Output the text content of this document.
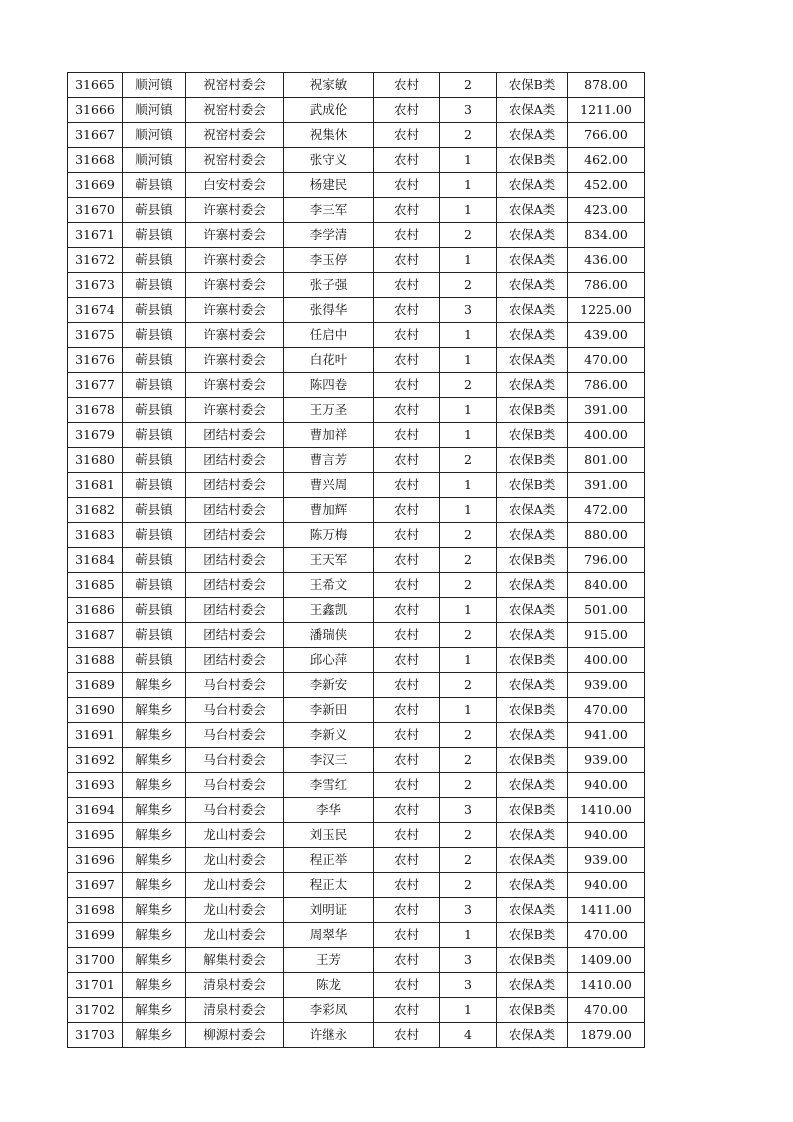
31665	顺河镇	祝窑村委会	祝家敏	农村	2	农保B类	878.00
31666	顺河镇	祝窑村委会	武成伦	农村	3	农保A类	1211.00
31667	顺河镇	祝窑村委会	祝集休	农村	2	农保A类	766.00
31668	顺河镇	祝窑村委会	张守义	农村	1	农保B类	462.00
31669	蕲县镇	白安村委会	杨建民	农村	1	农保A类	452.00
31670	蕲县镇	许寨村委会	李三军	农村	1	农保A类	423.00
31671	蕲县镇	许寨村委会	李学清	农村	2	农保A类	834.00
31672	蕲县镇	许寨村委会	李玉停	农村	1	农保A类	436.00
31673	蕲县镇	许寨村委会	张子强	农村	2	农保A类	786.00
31674	蕲县镇	许寨村委会	张得华	农村	3	农保A类	1225.00
31675	蕲县镇	许寨村委会	任启中	农村	1	农保A类	439.00
31676	蕲县镇	许寨村委会	白花叶	农村	1	农保A类	470.00
31677	蕲县镇	许寨村委会	陈四卷	农村	2	农保A类	786.00
31678	蕲县镇	许寨村委会	王万圣	农村	1	农保B类	391.00
31679	蕲县镇	团结村委会	曹加祥	农村	1	农保B类	400.00
31680	蕲县镇	团结村委会	曹言芳	农村	2	农保B类	801.00
31681	蕲县镇	团结村委会	曹兴周	农村	1	农保B类	391.00
31682	蕲县镇	团结村委会	曹加辉	农村	1	农保A类	472.00
31683	蕲县镇	团结村委会	陈万梅	农村	2	农保A类	880.00
31684	蕲县镇	团结村委会	王天军	农村	2	农保B类	796.00
31685	蕲县镇	团结村委会	王希文	农村	2	农保A类	840.00
31686	蕲县镇	团结村委会	王鑫凯	农村	1	农保A类	501.00
31687	蕲县镇	团结村委会	潘瑞侠	农村	2	农保A类	915.00
31688	蕲县镇	团结村委会	邱心萍	农村	1	农保B类	400.00
31689	解集乡	马台村委会	李新安	农村	2	农保A类	939.00
31690	解集乡	马台村委会	李新田	农村	1	农保B类	470.00
31691	解集乡	马台村委会	李新义	农村	2	农保A类	941.00
31692	解集乡	马台村委会	李汉三	农村	2	农保B类	939.00
31693	解集乡	马台村委会	李雪红	农村	2	农保A类	940.00
31694	解集乡	马台村委会	李华	农村	3	农保B类	1410.00
31695	解集乡	龙山村委会	刘玉民	农村	2	农保A类	940.00
31696	解集乡	龙山村委会	程正举	农村	2	农保A类	939.00
31697	解集乡	龙山村委会	程正太	农村	2	农保A类	940.00
31698	解集乡	龙山村委会	刘明证	农村	3	农保A类	1411.00
31699	解集乡	龙山村委会	周翠华	农村	1	农保B类	470.00
31700	解集乡	解集村委会	王芳	农村	3	农保B类	1409.00
31701	解集乡	清泉村委会	陈龙	农村	3	农保A类	1410.00
31702	解集乡	清泉村委会	李彩凤	农村	1	农保B类	470.00
31703	解集乡	柳源村委会	许继永	农村	4	农保A类	1879.00
